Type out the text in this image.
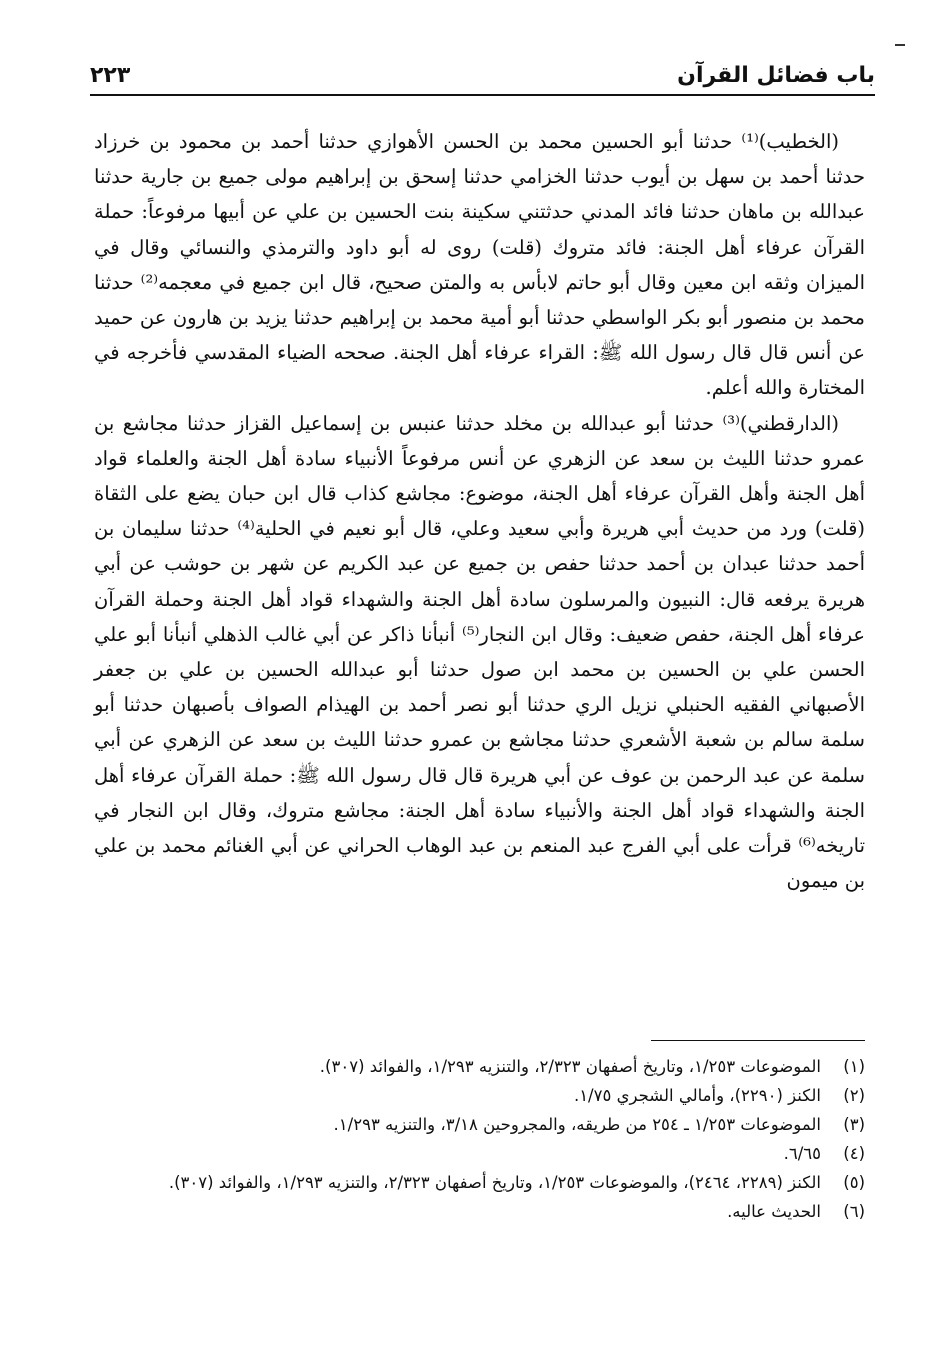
باب فضائل القرآن
٢٢٣

(الخطيب)⁽¹⁾ حدثنا أبو الحسين محمد بن الحسن الأهوازي حدثنا أحمد بن محمود بن خرزاد حدثنا أحمد بن سهل بن أيوب حدثنا الخزامي حدثنا إسحق بن إبراهيم مولى جميع بن جارية حدثنا عبدالله بن ماهان حدثنا فائد المدني حدثتني سكينة بنت الحسين بن علي عن أبيها مرفوعاً: حملة القرآن عرفاء أهل الجنة: فائد متروك (قلت) روى له أبو داود والترمذي والنسائي وقال في الميزان وثقه ابن معين وقال أبو حاتم لابأس به والمتن صحيح، قال ابن جميع في معجمه⁽²⁾ حدثنا محمد بن منصور أبو بكر الواسطي حدثنا أبو أمية محمد بن إبراهيم حدثنا يزيد بن هارون عن حميد عن أنس قال قال رسول الله ﷺ: القراء عرفاء أهل الجنة. صححه الضياء المقدسي فأخرجه في المختارة والله أعلم.

(الدارقطني)⁽³⁾ حدثنا أبو عبدالله بن مخلد حدثنا عنبس بن إسماعيل القزاز حدثنا مجاشع بن عمرو حدثنا الليث بن سعد عن الزهري عن أنس مرفوعاً الأنبياء سادة أهل الجنة والعلماء قواد أهل الجنة وأهل القرآن عرفاء أهل الجنة، موضوع: مجاشع كذاب قال ابن حبان يضع على الثقاة (قلت) ورد من حديث أبي هريرة وأبي سعيد وعلي، قال أبو نعيم في الحلية⁽⁴⁾ حدثنا سليمان بن أحمد حدثنا عبدان بن أحمد حدثنا حفص بن جميع عن عبد الكريم عن شهر بن حوشب عن أبي هريرة يرفعه قال: النبيون والمرسلون سادة أهل الجنة والشهداء قواد أهل الجنة وحملة القرآن عرفاء أهل الجنة، حفص ضعيف: وقال ابن النجار⁽⁵⁾ أنبأنا ذاكر عن أبي غالب الذهلي أنبأنا أبو علي الحسن علي بن الحسين بن محمد ابن صول حدثنا أبو عبدالله الحسين بن علي بن جعفر الأصبهاني الفقيه الحنبلي نزيل الري حدثنا أبو نصر أحمد بن الهيذام الصواف بأصبهان حدثنا أبو سلمة سالم بن شعبة الأشعري حدثنا مجاشع بن عمرو حدثنا الليث بن سعد عن الزهري عن أبي سلمة عن عبد الرحمن بن عوف عن أبي هريرة قال قال رسول الله ﷺ: حملة القرآن عرفاء أهل الجنة والشهداء قواد أهل الجنة والأنبياء سادة أهل الجنة: مجاشع متروك، وقال ابن النجار في تاريخه⁽⁶⁾ قرأت على أبي الفرج عبد المنعم بن عبد الوهاب الحراني عن أبي الغنائم محمد بن علي بن ميمون

(١)
الموضوعات ١/٢٥٣، وتاريخ أصفهان ٢/٣٢٣، والتنزيه ١/٢٩٣، والفوائد (٣٠٧).
(٢)
الكنز (٢٢٩٠)، وأمالي الشجري ١/٧٥.
(٣)
الموضوعات ١/٢٥٣ ـ ٢٥٤ من طريقه، والمجروحين ٣/١٨، والتنزيه ١/٢٩٣.
(٤)
٦/٦٥.
(٥)
الكنز (٢٢٨٩، ٢٤٦٤)، والموضوعات ١/٢٥٣، وتاريخ أصفهان ٢/٣٢٣، والتنزيه ١/٢٩٣، والفوائد (٣٠٧).
(٦)
الحديث عاليه.
